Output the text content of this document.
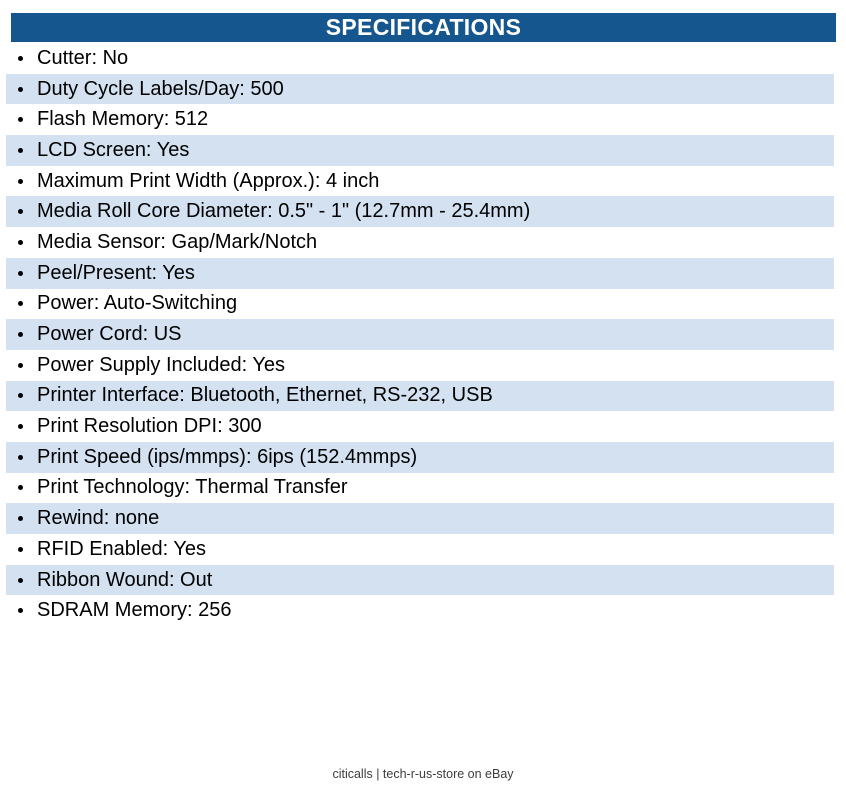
SPECIFICATIONS
Cutter: No
Duty Cycle Labels/Day: 500
Flash Memory: 512
LCD Screen: Yes
Maximum Print Width (Approx.): 4 inch
Media Roll Core Diameter: 0.5" - 1" (12.7mm - 25.4mm)
Media Sensor: Gap/Mark/Notch
Peel/Present: Yes
Power: Auto-Switching
Power Cord: US
Power Supply Included: Yes
Printer Interface: Bluetooth, Ethernet, RS-232, USB
Print Resolution DPI: 300
Print Speed (ips/mmps): 6ips (152.4mmps)
Print Technology: Thermal Transfer
Rewind: none
RFID Enabled: Yes
Ribbon Wound: Out
SDRAM Memory: 256
citicalls | tech-r-us-store on eBay
